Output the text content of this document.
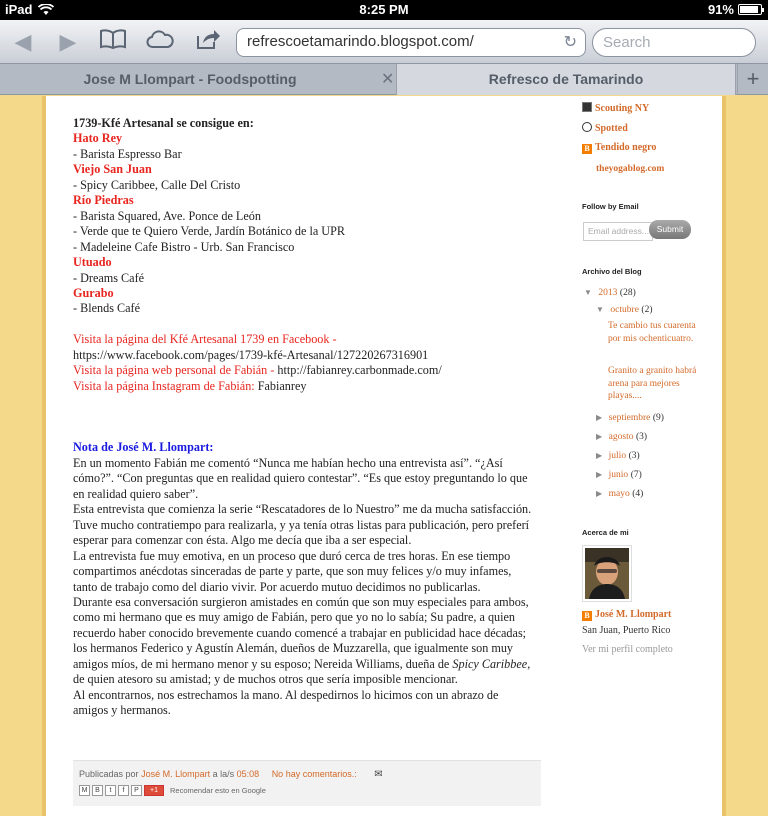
iPad	8:25 PM	91%
◀ ▶	refrescoetamarindo.blogspot.com/	↻	Search
Jose M Llompart - Foodspotting	✕	Refresco de Tamarindo	+

1739-Kfé Artesanal se consigue en:

Hato Rey

- Barista Espresso Bar

Viejo San Juan

- Spicy Caribbee, Calle Del Cristo

Río Piedras

- Barista Squared, Ave. Ponce de León

- Verde que te Quiero Verde, Jardín Botánico de la UPR

- Madeleine Cafe Bistro - Urb. San Francisco

Utuado

- Dreams Café

Gurabo

- Blends Café

Visita la página del Kfé Artesanal 1739 en Facebook -

https://www.facebook.com/pages/1739-kfé-Artesanal/127220267316901

Visita la página web personal de Fabián - http://fabianrey.carbonmade.com/

Visita la página Instagram de Fabián: Fabianrey

Nota de José M. Llompart:

En un momento Fabián me comentó “Nunca me habían hecho una entrevista así”. “¿Así cómo?”. “Con preguntas que en realidad quiero contestar”. “Es que estoy preguntando lo que en realidad quiero saber”.

Esta entrevista que comienza la serie “Rescatadores de lo Nuestro” me da mucha satisfacción. Tuve mucho contratiempo para realizarla, y ya tenía otras listas para publicación, pero preferí esperar para comenzar con ésta. Algo me decía que iba a ser especial.

La entrevista fue muy emotiva, en un proceso que duró cerca de tres horas. En ese tiempo compartimos anécdotas sinceradas de parte y parte, que son muy felices y/o muy infames, tanto de trabajo como del diario vivir. Por acuerdo mutuo decidimos no publicarlas.

Durante esa conversación surgieron amistades en común que son muy especiales para ambos, como mi hermano que es muy amigo de Fabián, pero que yo no lo sabía; Su padre, a quien recuerdo haber conocido brevemente cuando comencé a trabajar en publicidad hace décadas; los hermanos Federico y Agustín Alemán, dueños de Muzzarella, que igualmente son muy amigos míos, de mi hermano menor y su esposo; Nereida Williams, dueña de Spicy Caribbee, de quien atesoro su amistad; y de muchos otros que sería imposible mencionar.

Al encontrarnos, nos estrechamos la mano. Al despedirnos lo hicimos con un abrazo de amigos y hermanos.

Publicadas por José M. Llompart a la/s 05:08 No hay comentarios.: ✉
M	B	t	f	P	+1	Recomendar esto en Google
Scouting NY
Spotted
B Tendido negro
theyogablog.com
Follow by Email
Email address... Submit
Archivo del Blog
▼ 2013 (28)
▼ octubre (2)
Te cambio tus cuarenta por mis ochenticuatro.
Granito a granito habrá arena para mejores playas....
▶ septiembre (9)
▶ agosto (3)
▶ julio (3)
▶ junio (7)
▶ mayo (4)
Acerca de mi
B José M. Llompart
San Juan, Puerto Rico
Ver mi perfil completo
